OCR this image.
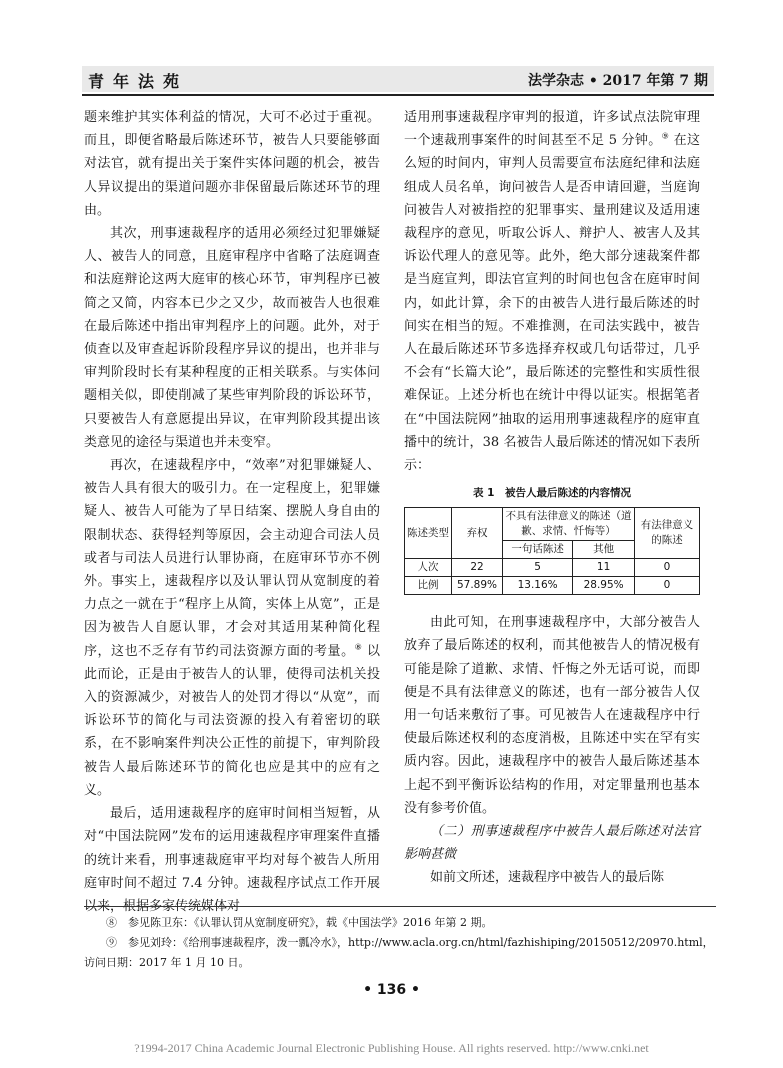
青年法苑	法学杂志 • 2017 年第 7 期

题来维护其实体利益的情况，大可不必过于重视。而且，即便省略最后陈述环节，被告人只要能够面对法官，就有提出关于案件实体问题的机会，被告人异议提出的渠道问题亦非保留最后陈述环节的理由。

其次，刑事速裁程序的适用必须经过犯罪嫌疑人、被告人的同意，且庭审程序中省略了法庭调查和法庭辩论这两大庭审的核心环节，审判程序已被简之又简，内容本已少之又少，故而被告人也很难在最后陈述中指出审判程序上的问题。此外，对于侦查以及审查起诉阶段程序异议的提出，也并非与审判阶段时长有某种程度的正相关联系。与实体问题相关似，即使削减了某些审判阶段的诉讼环节，只要被告人有意愿提出异议，在审判阶段其提出该类意见的途径与渠道也并未变窄。

再次，在速裁程序中，“效率”对犯罪嫌疑人、被告人具有很大的吸引力。在一定程度上，犯罪嫌疑人、被告人可能为了早日结案、摆脱人身自由的限制状态、获得轻判等原因，会主动迎合司法人员或者与司法人员进行认罪协商，在庭审环节亦不例外。事实上，速裁程序以及认罪认罚从宽制度的着力点之一就在于“程序上从简，实体上从宽”，正是因为被告人自愿认罪，才会对其适用某种简化程序，这也不乏存有节约司法资源方面的考量。⑧ 以此而论，正是由于被告人的认罪，使得司法机关投入的资源减少，对被告人的处罚才得以“从宽”，而诉讼环节的简化与司法资源的投入有着密切的联系，在不影响案件判决公正性的前提下，审判阶段被告人最后陈述环节的简化也应是其中的应有之义。

最后，适用速裁程序的庭审时间相当短暂，从对“中国法院网”发布的运用速裁程序审理案件直播的统计来看，刑事速裁庭审平均对每个被告人所用庭审时间不超过 7.4 分钟。速裁程序试点工作开展以来，根据多家传统媒体对

适用刑事速裁程序审判的报道，许多试点法院审理一个速裁刑事案件的时间甚至不足 5 分钟。⑨ 在这么短的时间内，审判人员需要宣布法庭纪律和法庭组成人员名单，询问被告人是否申请回避，当庭询问被告人对被指控的犯罪事实、量刑建议及适用速裁程序的意见，听取公诉人、辩护人、被害人及其诉讼代理人的意见等。此外，绝大部分速裁案件都是当庭宣判，即法官宣判的时间也包含在庭审时间内，如此计算，余下的由被告人进行最后陈述的时间实在相当的短。不难推测，在司法实践中，被告人在最后陈述环节多选择弃权或几句话带过，几乎不会有“长篇大论”，最后陈述的完整性和实质性很难保证。上述分析也在统计中得以证实。根据笔者在“中国法院网”抽取的运用刑事速裁程序的庭审直播中的统计，38 名被告人最后陈述的情况如下表所示：

表 1　被告人最后陈述的内容情况
陈述类型	弃权	不具有法律意义的陈述（道歉、求情、忏悔等）		有法律意义的陈述
		一句话陈述	其他	
人次	22	5	11	0
比例	57.89%	13.16%	28.95%	0

由此可知，在刑事速裁程序中，大部分被告人放弃了最后陈述的权利，而其他被告人的情况极有可能是除了道歉、求情、忏悔之外无话可说，而即便是不具有法律意义的陈述，也有一部分被告人仅用一句话来敷衍了事。可见被告人在速裁程序中行使最后陈述权利的态度消极，且陈述中实在罕有实质内容。因此，速裁程序中的被告人最后陈述基本上起不到平衡诉讼结构的作用，对定罪量刑也基本没有参考价值。

（二）刑事速裁程序中被告人最后陈述对法官影响甚微

如前文所述，速裁程序中被告人的最后陈

⑧　参见陈卫东：《认罪认罚从宽制度研究》，载《中国法学》2016 年第 2 期。

⑨　参见刘玲：《给刑事速裁程序，泼一瓢冷水》，http://www.acla.org.cn/html/fazhishiping/20150512/20970.html，访问日期：2017 年 1 月 10 日。

• 136 •
?1994-2017 China Academic Journal Electronic Publishing House. All rights reserved. http://www.cnki.net
